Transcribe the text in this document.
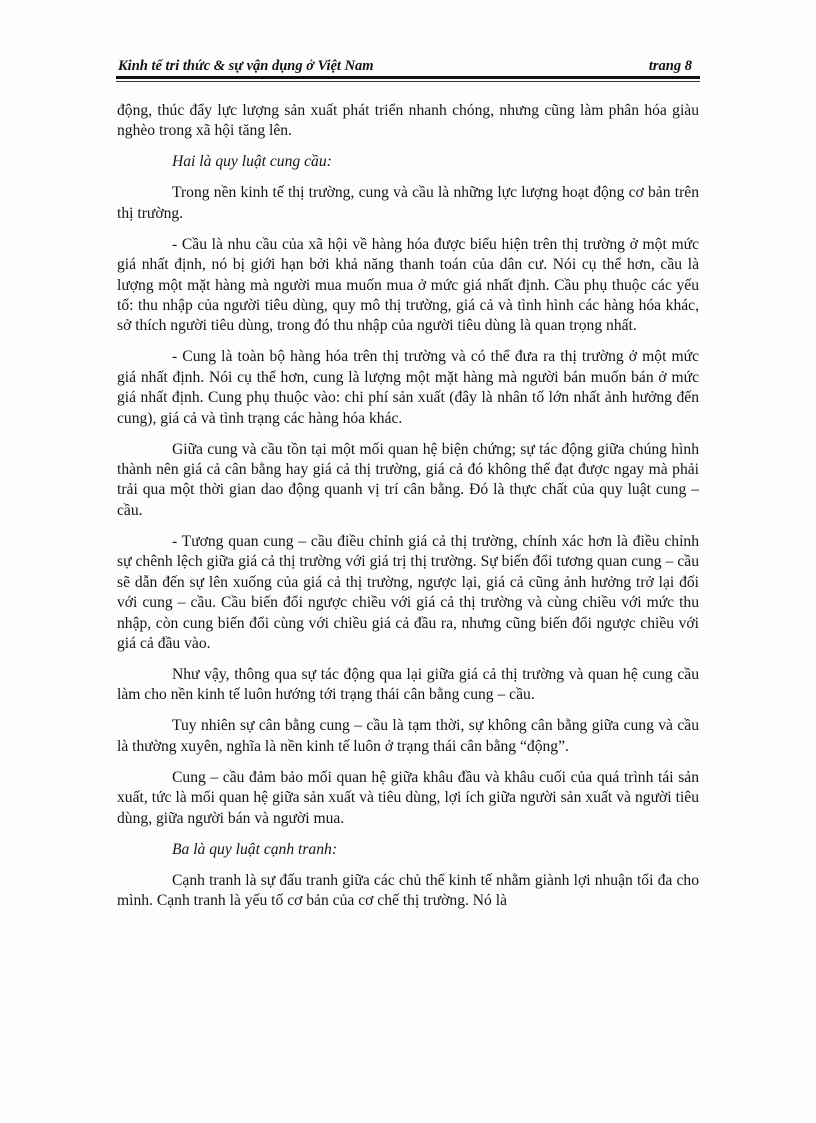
Kinh tế tri thức & sự vận dụng ở Việt Nam	trang 8

động, thúc đẩy lực lượng sản xuất phát triển nhanh chóng, nhưng cũng làm phân hóa giàu nghèo trong xã hội tăng lên.

Hai là quy luật cung cầu:

Trong nền kinh tế thị trường, cung và cầu là những lực lượng hoạt động cơ bản trên thị trường.

- Cầu là nhu cầu của xã hội về hàng hóa được biểu hiện trên thị trường ở một mức giá nhất định, nó bị giới hạn bởi khả năng thanh toán của dân cư. Nói cụ thể hơn, cầu là lượng một mặt hàng mà người mua muốn mua ở mức giá nhất định. Cầu phụ thuộc các yếu tố: thu nhập của người tiêu dùng, quy mô thị trường, giá cả và tình hình các hàng hóa khác, sở thích người tiêu dùng, trong đó thu nhập của người tiêu dùng là quan trọng nhất.

- Cung là toàn bộ hàng hóa trên thị trường và có thể đưa ra thị trường ở một mức giá nhất định. Nói cụ thể hơn, cung là lượng một mặt hàng mà người bán muốn bán ở mức giá nhất định. Cung phụ thuộc vào: chi phí sản xuất (đây là nhân tố lớn nhất ảnh hưởng đến cung), giá cả và tình trạng các hàng hóa khác.

Giữa cung và cầu tồn tại một mối quan hệ biện chứng; sự tác động giữa chúng hình thành nên giá cả cân bằng hay giá cả thị trường, giá cả đó không thể đạt được ngay mà phải trải qua một thời gian dao động quanh vị trí cân bằng. Đó là thực chất của quy luật cung – cầu.

- Tương quan cung – cầu điều chỉnh giá cả thị trường, chính xác hơn là điều chỉnh sự chênh lệch giữa giá cả thị trường với giá trị thị trường. Sự biến đổi tương quan cung – cầu sẽ dẫn đến sự lên xuống của giá cả thị trường, ngược lại, giá cả cũng ảnh hưởng trở lại đối với cung – cầu. Cầu biến đổi ngược chiều với giá cả thị trường và cùng chiều với mức thu nhập, còn cung biến đổi cùng với chiều giá cả đầu ra, nhưng cũng biến đổi ngược chiều với giá cả đầu vào.

Như vậy, thông qua sự tác động qua lại giữa giá cả thị trường và quan hệ cung cầu làm cho nền kinh tế luôn hướng tới trạng thái cân bằng cung – cầu.

Tuy nhiên sự cân bằng cung – cầu là tạm thời, sự không cân bằng giữa cung và cầu là thường xuyên, nghĩa là nền kinh tế luôn ở trạng thái cân bằng “động”.

Cung – cầu đảm bảo mối quan hệ giữa khâu đầu và khâu cuối của quá trình tái sản xuất, tức là mối quan hệ giữa sản xuất và tiêu dùng, lợi ích giữa người sản xuất và người tiêu dùng, giữa người bán và người mua.

Ba là quy luật cạnh tranh:

Cạnh tranh là sự đấu tranh giữa các chủ thể kinh tế nhằm giành lợi nhuận tối đa cho mình. Cạnh tranh là yếu tố cơ bản của cơ chế thị trường. Nó là
